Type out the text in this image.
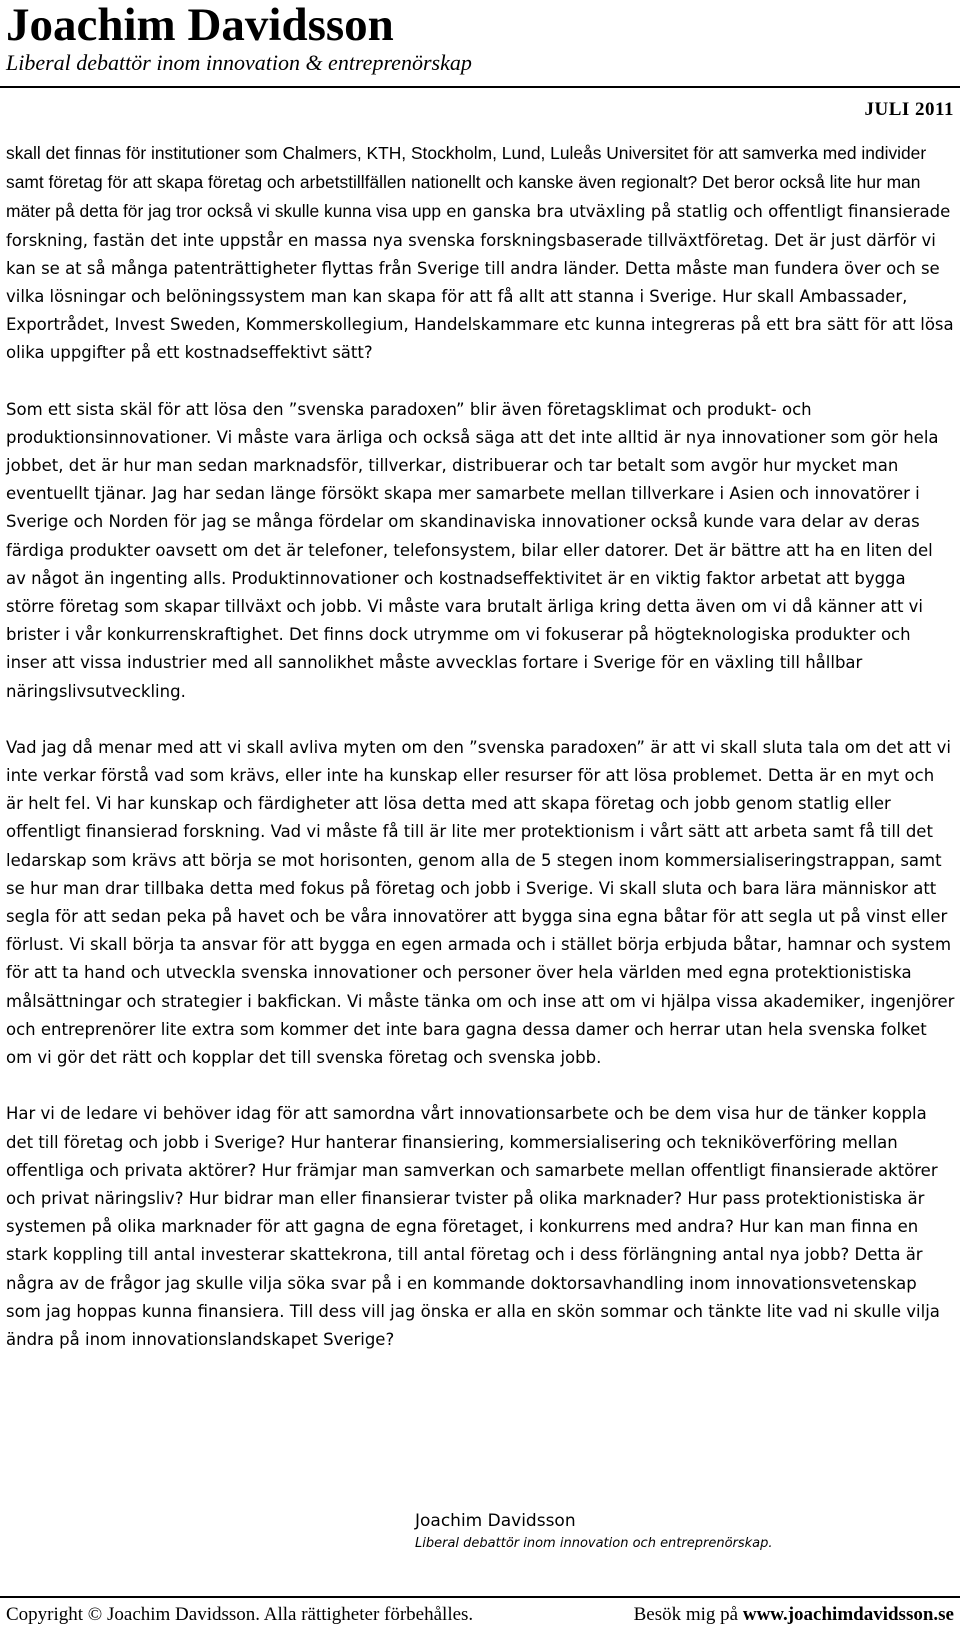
Joachim Davidsson
Liberal debattör inom innovation & entreprenörskap
JULI 2011

skall det finnas för institutioner som Chalmers, KTH, Stockholm, Lund, Luleås Universitet för att samverka med individer samt företag för att skapa företag och arbetstillfällen nationellt och kanske även regionalt? Det beror också lite hur man mäter på detta för jag tror också vi skulle kunna visa upp en ganska bra utväxling på statlig och offentligt finansierade forskning, fastän det inte uppstår en massa nya svenska forskningsbaserade tillväxtföretag. Det är just därför vi kan se at så många patenträttigheter flyttas från Sverige till andra länder. Detta måste man fundera över och se vilka lösningar och belöningssystem man kan skapa för att få allt att stanna i Sverige. Hur skall Ambassader, Exportrådet, Invest Sweden, Kommerskollegium, Handelskammare etc kunna integreras på ett bra sätt för att lösa olika uppgifter på ett kostnadseffektivt sätt?

Som ett sista skäl för att lösa den ”svenska paradoxen” blir även företagsklimat och produkt- och produktionsinnovationer. Vi måste vara ärliga och också säga att det inte alltid är nya innovationer som gör hela jobbet, det är hur man sedan marknadsför, tillverkar, distribuerar och tar betalt som avgör hur mycket man eventuellt tjänar. Jag har sedan länge försökt skapa mer samarbete mellan tillverkare i Asien och innovatörer i Sverige och Norden för jag se många fördelar om skandinaviska innovationer också kunde vara delar av deras färdiga produkter oavsett om det är telefoner, telefonsystem, bilar eller datorer. Det är bättre att ha en liten del av något än ingenting alls. Produktinnovationer och kostnadseffektivitet är en viktig faktor arbetat att bygga större företag som skapar tillväxt och jobb. Vi måste vara brutalt ärliga kring detta även om vi då känner att vi brister i vår konkurrenskraftighet. Det finns dock utrymme om vi fokuserar på högteknologiska produkter och inser att vissa industrier med all sannolikhet måste avvecklas fortare i Sverige för en växling till hållbar näringslivsutveckling.

Vad jag då menar med att vi skall avliva myten om den ”svenska paradoxen” är att vi skall sluta tala om det att vi inte verkar förstå vad som krävs, eller inte ha kunskap eller resurser för att lösa problemet. Detta är en myt och är helt fel. Vi har kunskap och färdigheter att lösa detta med att skapa företag och jobb genom statlig eller offentligt finansierad forskning. Vad vi måste få till är lite mer protektionism i vårt sätt att arbeta samt få till det ledarskap som krävs att börja se mot horisonten, genom alla de 5 stegen inom kommersialiseringstrappan, samt se hur man drar tillbaka detta med fokus på företag och jobb i Sverige. Vi skall sluta och bara lära människor att segla för att sedan peka på havet och be våra innovatörer att bygga sina egna båtar för att segla ut på vinst eller förlust. Vi skall börja ta ansvar för att bygga en egen armada och i stället börja erbjuda båtar, hamnar och system för att ta hand och utveckla svenska innovationer och personer över hela världen med egna protektionistiska målsättningar och strategier i bakfickan. Vi måste tänka om och inse att om vi hjälpa vissa akademiker, ingenjörer och entreprenörer lite extra som kommer det inte bara gagna dessa damer och herrar utan hela svenska folket om vi gör det rätt och kopplar det till svenska företag och svenska jobb.

Har vi de ledare vi behöver idag för att samordna vårt innovationsarbete och be dem visa hur de tänker koppla det till företag och jobb i Sverige? Hur hanterar finansiering, kommersialisering och tekniköverföring mellan offentliga och privata aktörer? Hur främjar man samverkan och samarbete mellan offentligt finansierade aktörer och privat näringsliv? Hur bidrar man eller finansierar tvister på olika marknader? Hur pass protektionistiska är systemen på olika marknader för att gagna de egna företaget, i konkurrens med andra? Hur kan man finna en stark koppling till antal investerar skattekrona, till antal företag och i dess förlängning antal nya jobb? Detta är några av de frågor jag skulle vilja söka svar på i en kommande doktorsavhandling inom innovationsvetenskap som jag hoppas kunna finansiera. Till dess vill jag önska er alla en skön sommar och tänkte lite vad ni skulle vilja ändra på inom innovationslandskapet Sverige?

Joachim Davidsson
Liberal debattör inom innovation och entreprenörskap.
Copyright © Joachim Davidsson. Alla rättigheter förbehålles.	Besök mig på www.joachimdavidsson.se
